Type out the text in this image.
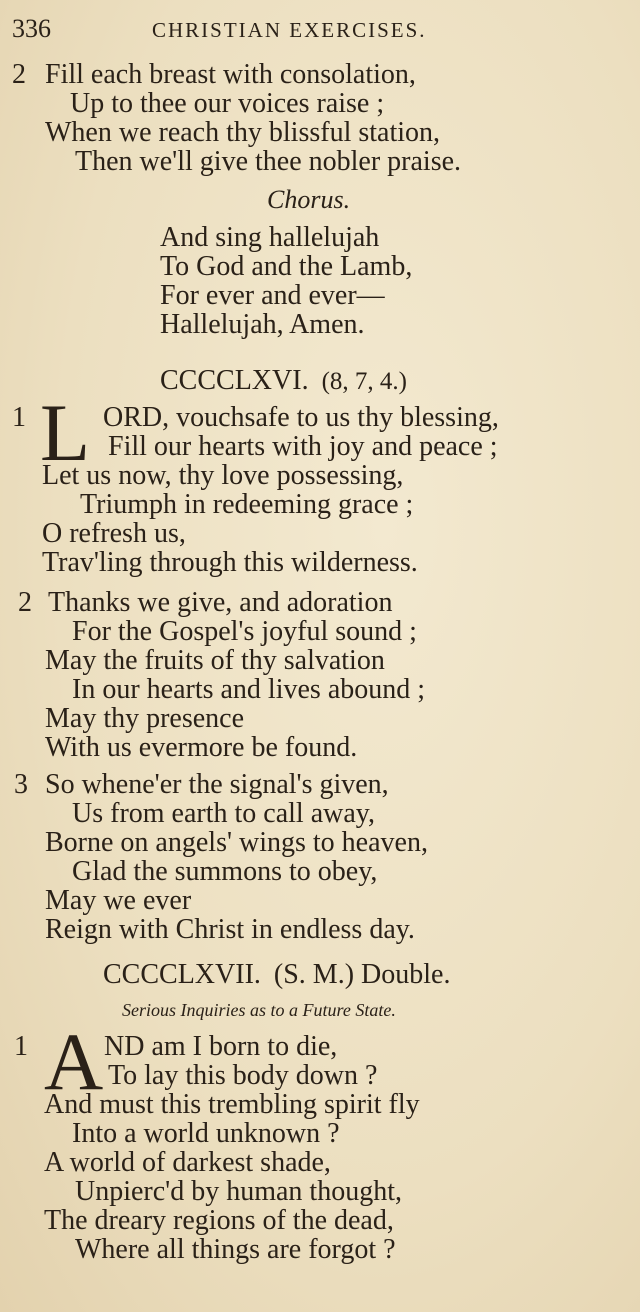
336	CHRISTIAN EXERCISES.
2 Fill each breast with consolation,
Up to thee our voices raise ;
When we reach thy blissful station,
Then we'll give thee nobler praise.
Chorus.
And sing hallelujah
To God and the Lamb,
For ever and ever—
Hallelujah, Amen.
CCCCLXVI. (8, 7, 4.)
1 L ORD, vouchsafe to us thy blessing,
Fill our hearts with joy and peace ;
Let us now, thy love possessing,
Triumph in redeeming grace ;
O refresh us,
Trav'ling through this wilderness.
2 Thanks we give, and adoration
For the Gospel's joyful sound ;
May the fruits of thy salvation
In our hearts and lives abound ;
May thy presence
With us evermore be found.
3 So whene'er the signal's given,
Us from earth to call away,
Borne on angels' wings to heaven,
Glad the summons to obey,
May we ever
Reign with Christ in endless day.
CCCCLXVII. (S. M.) Double.
Serious Inquiries as to a Future State.
1 A ND am I born to die,
To lay this body down ?
And must this trembling spirit fly
Into a world unknown ?
A world of darkest shade,
Unpierc'd by human thought,
The dreary regions of the dead,
Where all things are forgot ?
